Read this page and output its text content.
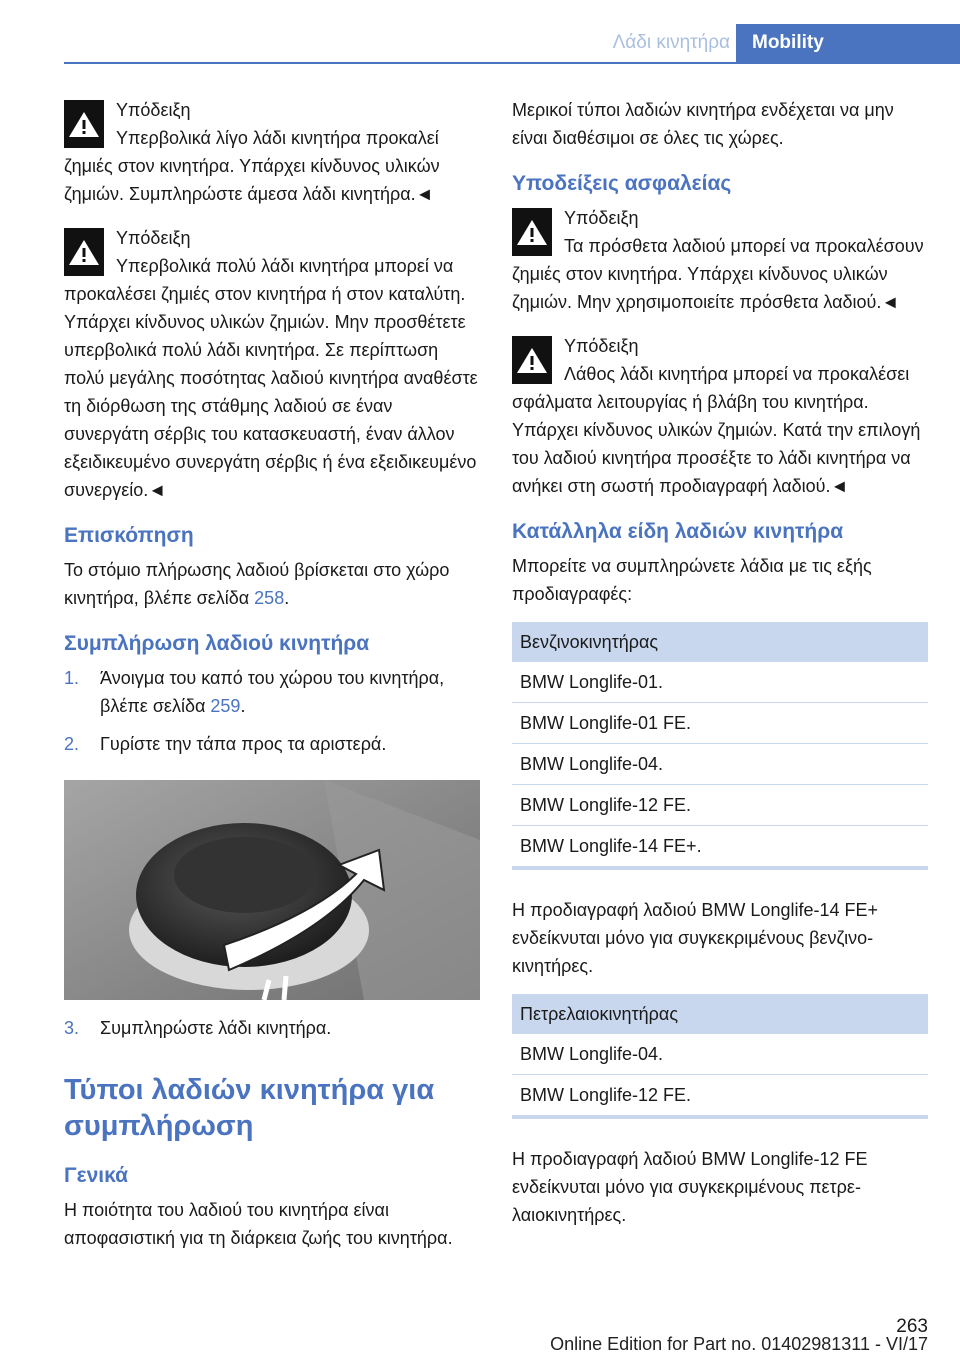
Λάδι κινητήρα	Mobility
Υπόδειξη
Υπερβολικά λίγο λάδι κινητήρα προκαλεί ζημιές στον κινητήρα. Υπάρχει κίνδυνος υλικών ζημιών. Συμπληρώστε άμεσα λάδι κινητήρα.◄
Υπόδειξη
Υπερβολικά πολύ λάδι κινητήρα μπορεί να προκαλέσει ζημιές στον κινητήρα ή στον καταλύτη. Υπάρχει κίνδυνος υλικών ζημιών. Μην προσθέτετε υπερβολικά πολύ λάδι κινητήρα. Σε περίπτωση πολύ μεγάλης ποσότητας λαδιού κινητήρα αναθέστε τη διόρθωση της στάθμης λαδιού σε έναν συνεργάτη σέρβις του κατασκευαστή, έναν άλλον εξειδικευμένο συνεργάτη σέρβις ή ένα εξειδικευμένο συνεργείο.◄
Επισκόπηση

Το στόμιο πλήρωσης λαδιού βρίσκεται στο χώρο κινητήρα, βλέπε σελίδα 258.

Συμπλήρωση λαδιού κινητήρα
1. Άνοιγμα του καπό του χώρου του κινητήρα, βλέπε σελίδα 259.
2. Γυρίστε την τάπα προς τα αριστερά.
3. Συμπληρώστε λάδι κινητήρα.
Τύποι λαδιών κινητήρα για συμπλήρωση
Γενικά

Η ποιότητα του λαδιού του κινητήρα είναι αποφασιστική για τη διάρκεια ζωής του κινητήρα.

Μερικοί τύποι λαδιών κινητήρα ενδέχεται να μην είναι διαθέσιμοι σε όλες τις χώρες.

Υποδείξεις ασφαλείας
Υπόδειξη
Τα πρόσθετα λαδιού μπορεί να προκαλέσουν ζημιές στον κινητήρα. Υπάρχει κίνδυνος υλικών ζημιών. Μην χρησιμοποιείτε πρόσθετα λαδιού.◄
Υπόδειξη
Λάθος λάδι κινητήρα μπορεί να προκαλέσει σφάλματα λειτουργίας ή βλάβη του κινητήρα. Υπάρχει κίνδυνος υλικών ζημιών. Κατά την επιλογή του λαδιού κινητήρα προσέξτε το λάδι κινητήρα να ανήκει στη σωστή προδιαγραφή λαδιού.◄
Κατάλληλα είδη λαδιών κινητήρα

Μπορείτε να συμπληρώνετε λάδια με τις εξής προδιαγραφές:

Βενζινοκινητήρας
BMW Longlife-01.
BMW Longlife-01 FE.
BMW Longlife-04.
BMW Longlife-12 FE.
BMW Longlife-14 FE+.

Η προδιαγραφή λαδιού BMW Longlife-14 FE+ ενδείκνυται μόνο για συγκεκριμένους βενζινοκινητήρες.

Πετρελαιοκινητήρας
BMW Longlife-04.
BMW Longlife-12 FE.

Η προδιαγραφή λαδιού BMW Longlife-12 FE ενδείκνυται μόνο για συγκεκριμένους πετρελαιοκινητήρες.

263
Online Edition for Part no. 01402981311 - VI/17
